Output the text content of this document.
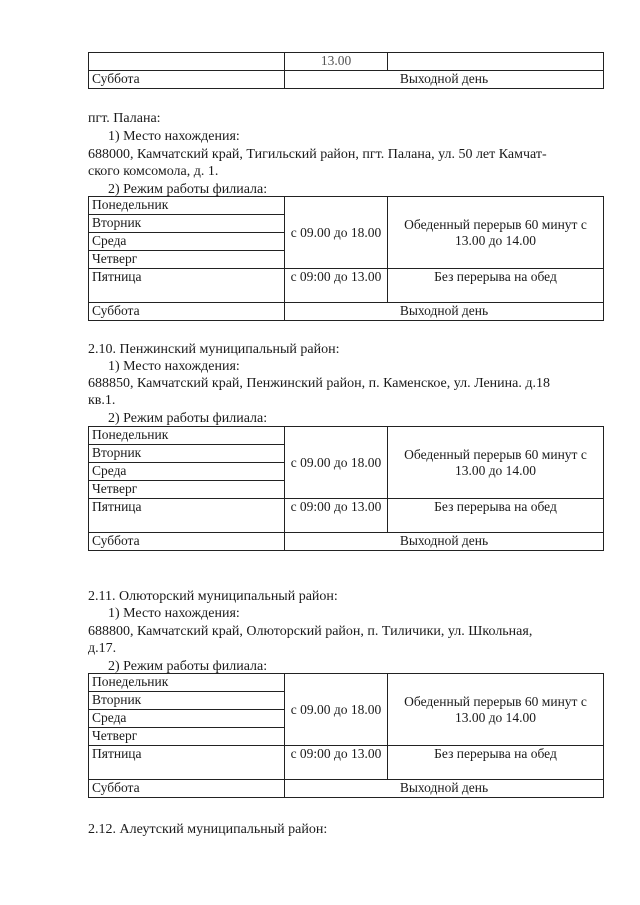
	13.00	
Суббота	Выходной день	
пгт. Палана:
1) Место нахождения:
688000, Камчатский край, Тигильский район, пгт. Палана, ул. 50 лет Камчат-
ского комсомола, д. 1.
2) Режим работы филиала:
Понедельник	с 09.00 до 18.00	Обеденный перерыв 60 минут с 13.00 до 14.00
Вторник		
Среда		
Четверг		
Пятница	с 09:00 до 13.00	Без перерыва на обед
Суббота	Выходной день	
2.10. Пенжинский муниципальный район:
1) Место нахождения:
688850, Камчатский край, Пенжинский район, п. Каменское, ул. Ленина. д.18
кв.1.
2) Режим работы филиала:
Понедельник	с 09.00 до 18.00	Обеденный перерыв 60 минут с 13.00 до 14.00
Вторник		
Среда		
Четверг		
Пятница	с 09:00 до 13.00	Без перерыва на обед
Суббота	Выходной день	
2.11. Олюторский муниципальный район:
1) Место нахождения:
688800, Камчатский край, Олюторский район, п. Тиличики, ул. Школьная,
д.17.
2) Режим работы филиала:
Понедельник	с 09.00 до 18.00	Обеденный перерыв 60 минут с 13.00 до 14.00
Вторник		
Среда		
Четверг		
Пятница	с 09:00 до 13.00	Без перерыва на обед
Суббота	Выходной день	
2.12. Алеутский муниципальный район:
